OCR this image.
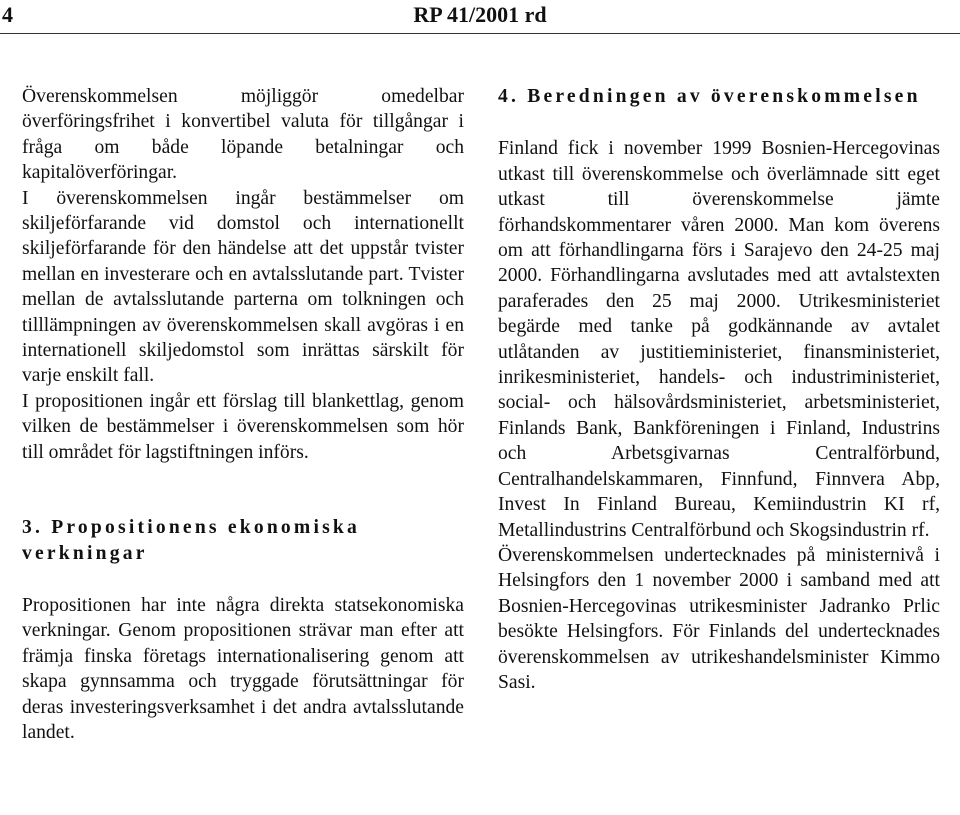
4	RP 41/2001 rd

Överenskommelsen möjliggör omedelbar överföringsfrihet i konvertibel valuta för tillgångar i fråga om både löpande betalningar och kapitalöverföringar.

I överenskommelsen ingår bestämmelser om skiljeförfarande vid domstol och internationellt skiljeförfarande för den händelse att det uppstår tvister mellan en investerare och en avtalsslutande part. Tvister mellan de avtalsslutande parterna om tolkningen och tilllämpningen av överenskommelsen skall avgöras i en internationell skiljedomstol som inrättas särskilt för varje enskilt fall.

I propositionen ingår ett förslag till blankettlag, genom vilken de bestämmelser i överenskommelsen som hör till området för lagstiftningen införs.

3. Propositionens ekonomiska verkningar

Propositionen har inte några direkta statsekonomiska verkningar. Genom propositionen strävar man efter att främja finska företags internationalisering genom att skapa gynnsamma och tryggade förutsättningar för deras investeringsverksamhet i det andra avtalsslutande landet.

4. Beredningen av överenskommelsen

Finland fick i november 1999 Bosnien-Hercegovinas utkast till överenskommelse och överlämnade sitt eget utkast till överenskommelse jämte förhandskommentarer våren 2000. Man kom överens om att förhandlingarna förs i Sarajevo den 24-25 maj 2000. Förhandlingarna avslutades med att avtalstexten paraferades den 25 maj 2000. Utrikesministeriet begärde med tanke på godkännande av avtalet utlåtanden av justitieministeriet, finansministeriet, inrikesministeriet, handels- och industriministeriet, social- och hälsovårdsministeriet, arbetsministeriet, Finlands Bank, Bankföreningen i Finland, Industrins och Arbetsgivarnas Centralförbund, Centralhandelskammaren, Finnfund, Finnvera Abp, Invest In Finland Bureau, Kemiindustrin KI rf, Metallindustrins Centralförbund och Skogsindustrin rf.

Överenskommelsen undertecknades på ministernivå i Helsingfors den 1 november 2000 i samband med att Bosnien-Hercegovinas utrikesminister Jadranko Prlic besökte Helsingfors. För Finlands del undertecknades överenskommelsen av utrikeshandelsminister Kimmo Sasi.
